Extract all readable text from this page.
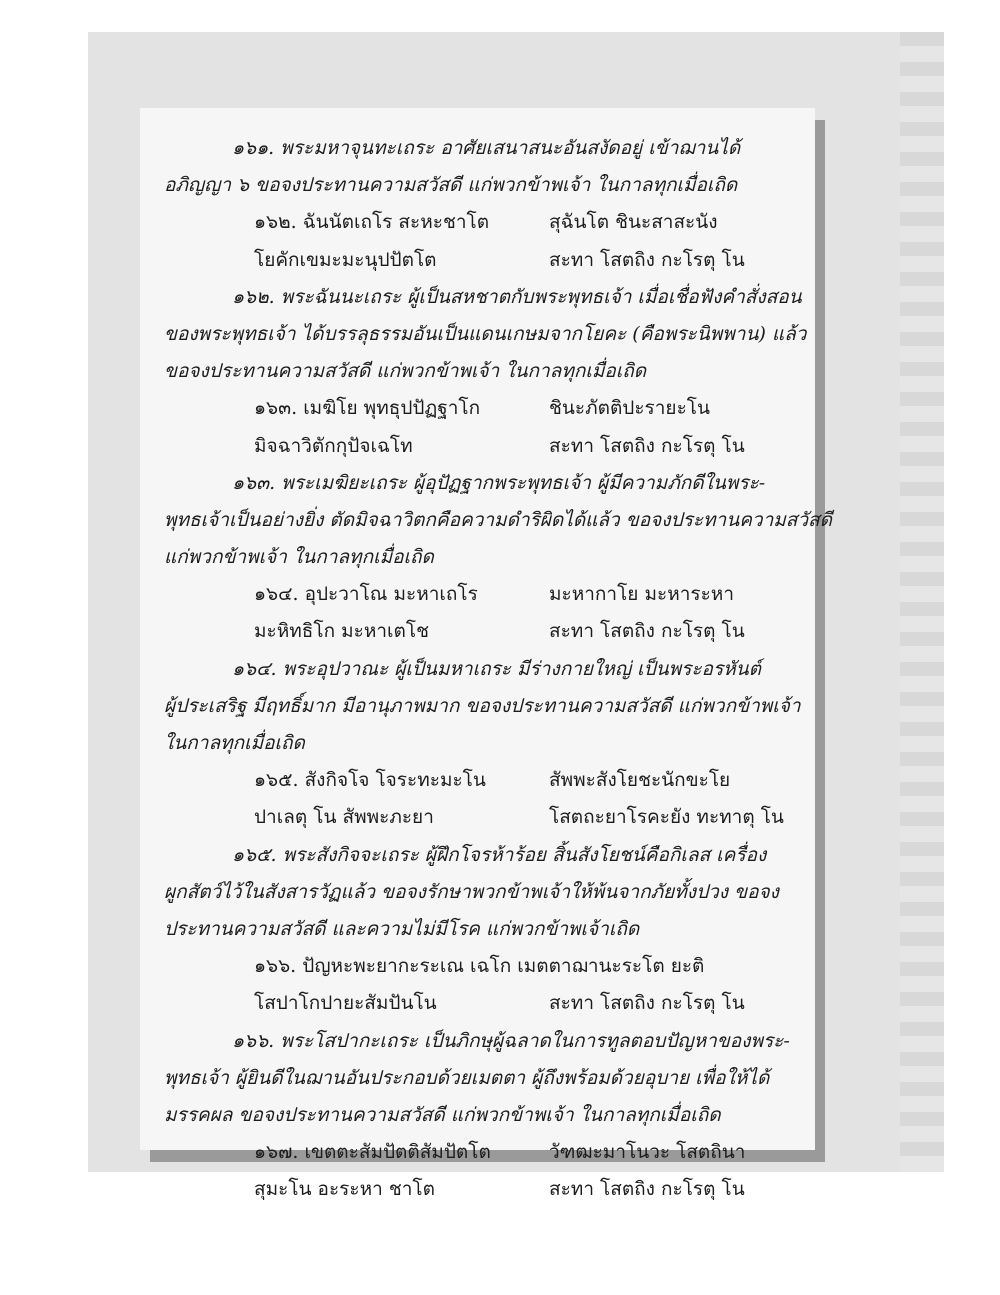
๑๖๑. พระมหาจุนทะเถระ อาศัยเสนาสนะอันสงัดอยู่ เข้าฌานได้
อภิญญา ๖ ขอจงประทานความสวัสดี แก่พวกข้าพเจ้า ในกาลทุกเมื่อเถิด
๑๖๒. ฉันนัตเถโร สะหะชาโต	สุฉันโต ชินะสาสะนัง
โยคักเขมะมะนุปปัตโต	สะทา โสตถิง กะโรตุ โน
๑๖๒. พระฉันนะเถระ ผู้เป็นสหชาตกับพระพุทธเจ้า เมื่อเชื่อฟังคำสั่งสอน
ของพระพุทธเจ้า ได้บรรลุธรรมอันเป็นแดนเกษมจากโยคะ (คือพระนิพพาน) แล้ว
ขอจงประทานความสวัสดี แก่พวกข้าพเจ้า ในกาลทุกเมื่อเถิด
๑๖๓. เมฆิโย พุทธุปปัฏฐาโก	ชินะภัตติปะรายะโน
มิจฉาวิตักกุปัจเฉโท	สะทา โสตถิง กะโรตุ โน
๑๖๓. พระเมฆิยะเถระ ผู้อุปัฏฐากพระพุทธเจ้า ผู้มีความภักดีในพระ-
พุทธเจ้าเป็นอย่างยิ่ง ตัดมิจฉาวิตกคือความดำริผิดได้แล้ว ขอจงประทานความสวัสดี
แก่พวกข้าพเจ้า ในกาลทุกเมื่อเถิด
๑๖๔. อุปะวาโณ มะหาเถโร	มะหากาโย มะหาระหา
มะหิทธิโก มะหาเตโช	สะทา โสตถิง กะโรตุ โน
๑๖๔. พระอุปวาณะ ผู้เป็นมหาเถระ มีร่างกายใหญ่ เป็นพระอรหันต์
ผู้ประเสริฐ มีฤทธิ์มาก มีอานุภาพมาก ขอจงประทานความสวัสดี แก่พวกข้าพเจ้า
ในกาลทุกเมื่อเถิด
๑๖๕. สังกิจโจ โจระทะมะโน	สัพพะสังโยชะนักขะโย
ปาเลตุ โน สัพพะภะยา	โสตถะยาโรคะยัง ทะทาตุ โน
๑๖๕. พระสังกิจจะเถระ ผู้ฝึกโจรห้าร้อย สิ้นสังโยชน์คือกิเลส เครื่อง
ผูกสัตว์ไว้ในสังสารวัฏแล้ว ขอจงรักษาพวกข้าพเจ้าให้พ้นจากภัยทั้งปวง ขอจง
ประทานความสวัสดี และความไม่มีโรค แก่พวกข้าพเจ้าเถิด
๑๖๖. ปัญหะพะยากะระเณ เฉโก เมตตาฌานะระโต ยะติ
โสปาโกปายะสัมปันโน	สะทา โสตถิง กะโรตุ โน
๑๖๖. พระโสปากะเถระ เป็นภิกษุผู้ฉลาดในการทูลตอบปัญหาของพระ-
พุทธเจ้า ผู้ยินดีในฌานอันประกอบด้วยเมตตา ผู้ถึงพร้อมด้วยอุบาย เพื่อให้ได้
มรรคผล ขอจงประทานความสวัสดี แก่พวกข้าพเจ้า ในกาลทุกเมื่อเถิด
๑๖๗. เขตตะสัมปัตติสัมปัตโต	วัฑฒะมาโนวะ โสตถินา
สุมะโน อะระหา ชาโต	สะทา โสตถิง กะโรตุ โน
